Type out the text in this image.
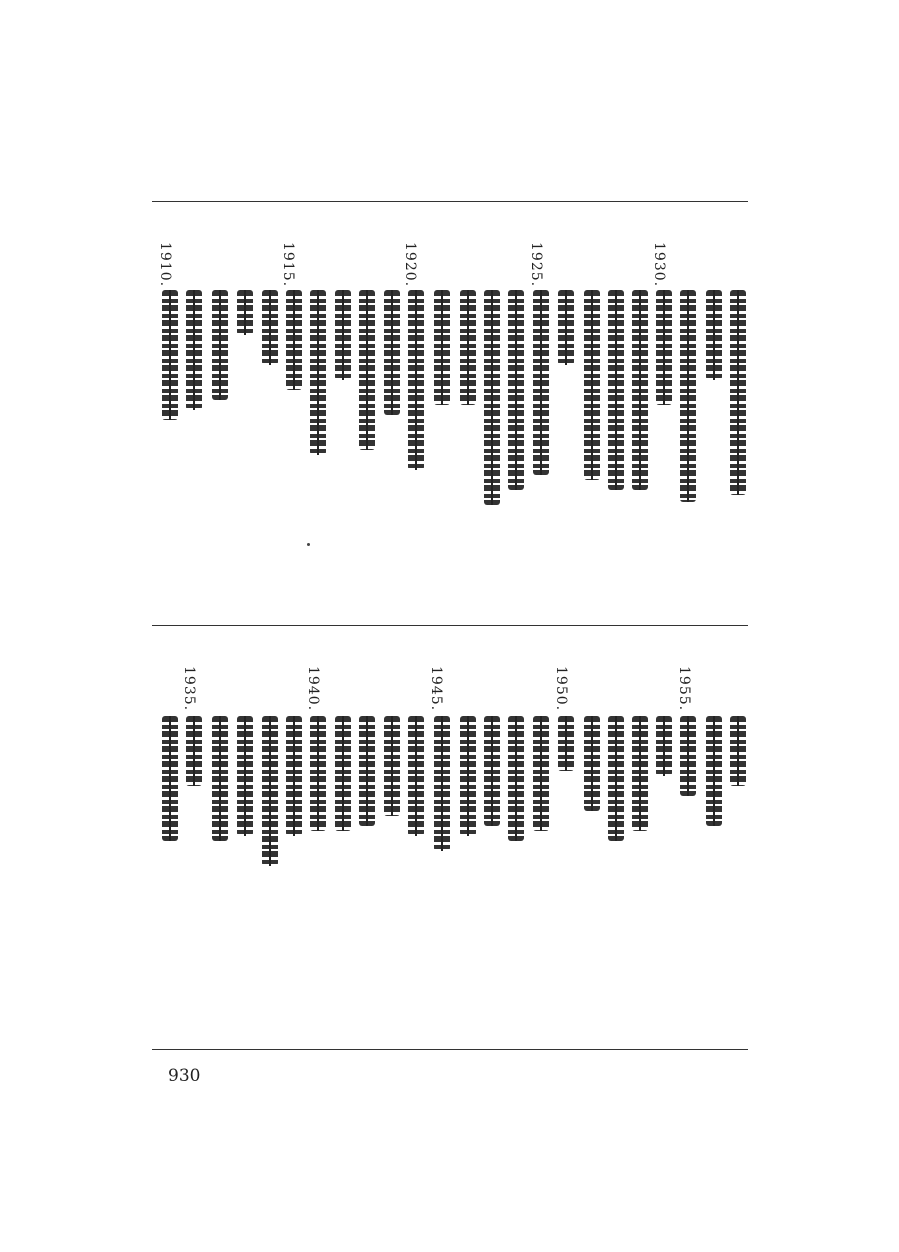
1930.
1925.
1920.
1915.
1910.
1955.
1950.
1945.
1940.
1935.
930
